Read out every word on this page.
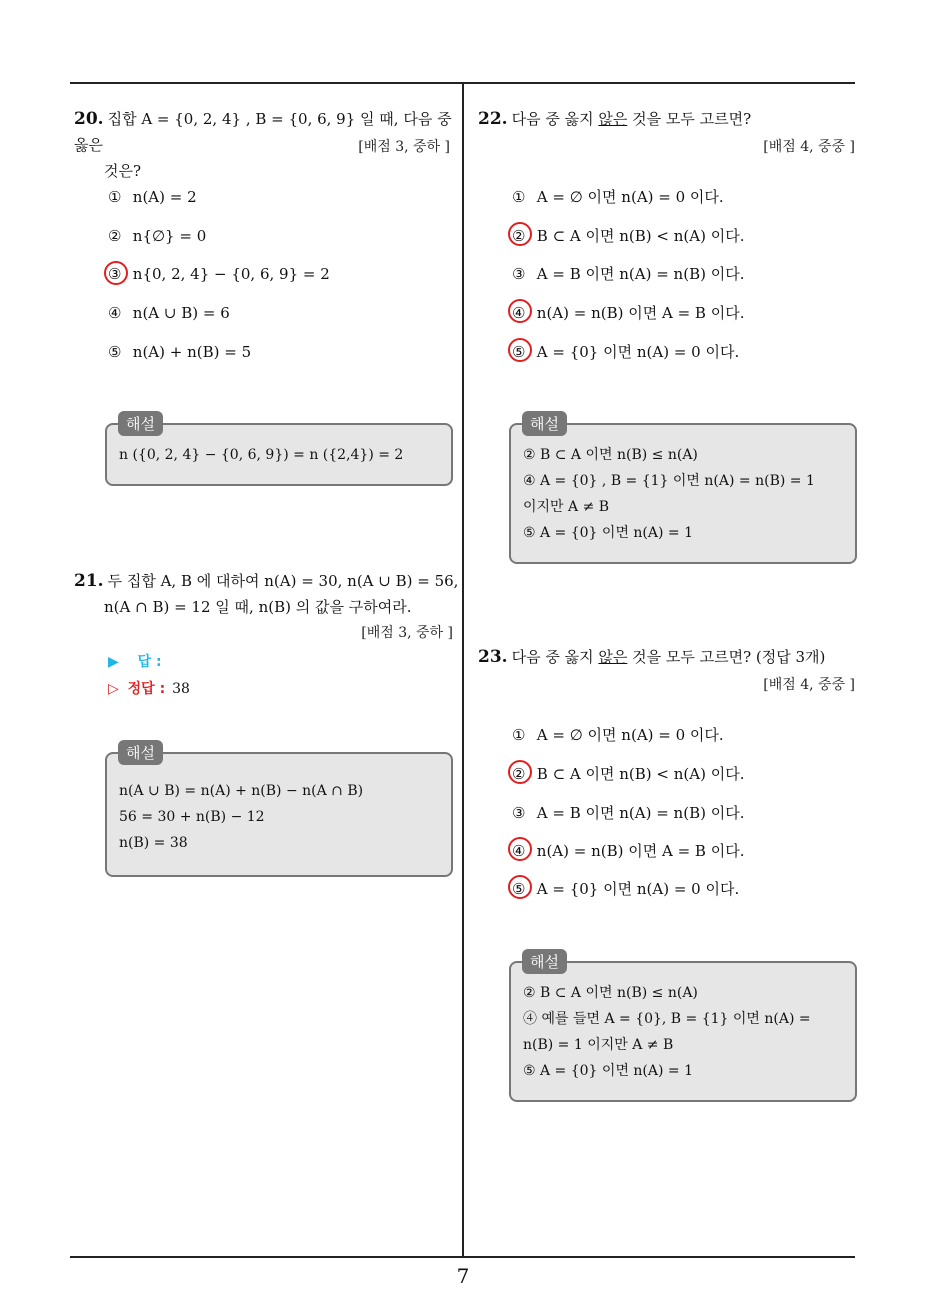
7
20. 집합 A = {0, 2, 4} , B = {0, 6, 9} 일 때, 다음 중 옳은
것은?
[배점 3, 중하 ]
① n(A) = 2
② n{∅} = 0
③ n{0, 2, 4} − {0, 6, 9} = 2
④ n(A ∪ B) = 6
⑤ n(A) + n(B) = 5
n ({0, 2, 4} − {0, 6, 9}) = n ({2,4}) = 2
해설
21. 두 집합 A, B 에 대하여 n(A) = 30, n(A ∪ B) = 56,
n(A ∩ B) = 12 일 때, n(B) 의 값을 구하여라.
[배점 3, 중하 ]
▶ 답 :
▷ 정답 : 38
n(A ∪ B) = n(A) + n(B) − n(A ∩ B)
56 = 30 + n(B) − 12
n(B) = 38
해설
22. 다음 중 옳지 않은 것을 모두 고르면?
[배점 4, 중중 ]
① A = ∅ 이면 n(A) = 0 이다.
② B ⊂ A 이면 n(B) < n(A) 이다.
③ A = B 이면 n(A) = n(B) 이다.
④ n(A) = n(B) 이면 A = B 이다.
⑤ A = {0} 이면 n(A) = 0 이다.
② B ⊂ A 이면 n(B) ≤ n(A)
④ A = {0} , B = {1} 이면 n(A) = n(B) = 1
이지만 A ≠ B
⑤ A = {0} 이면 n(A) = 1
해설
23. 다음 중 옳지 않은 것을 모두 고르면? (정답 3개)
[배점 4, 중중 ]
① A = ∅ 이면 n(A) = 0 이다.
② B ⊂ A 이면 n(B) < n(A) 이다.
③ A = B 이면 n(A) = n(B) 이다.
④ n(A) = n(B) 이면 A = B 이다.
⑤ A = {0} 이면 n(A) = 0 이다.
② B ⊂ A 이면 n(B) ≤ n(A)
④ 예를 들면 A = {0}, B = {1} 이면 n(A) =
n(B) = 1 이지만 A ≠ B
⑤ A = {0} 이면 n(A) = 1
해설
